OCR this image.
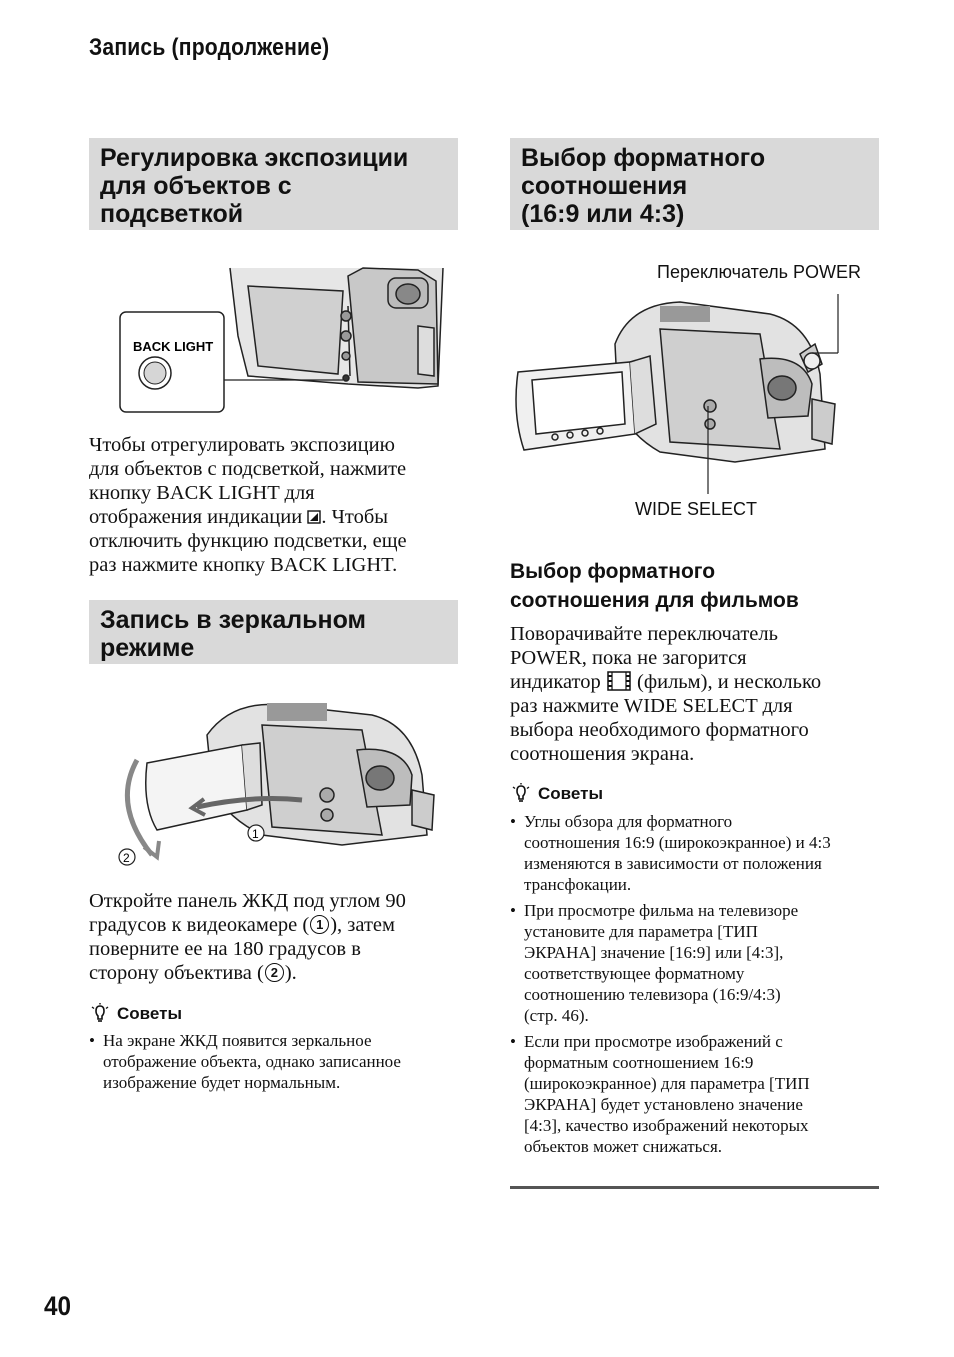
Запись (продолжение)
Регулировка экспозиции
для объектов с
подсветкой
BACK LIGHT

Чтобы отрегулировать экспозицию

для объектов с подсветкой, нажмите

кнопку BACK LIGHT для

отображения индикации . Чтобы

отключить функцию подсветки, еще

раз нажмите кнопку BACK LIGHT.

Запись в зеркальном
режиме
1
2

Откройте панель ЖКД под углом 90

градусов к видеокамере ( 1 ), затем

поверните ее на 180 градусов в

сторону объектива ( 2 ).

Советы
• На экране ЖКД появится зеркальное
отображение объекта, однако записанное
изображение будет нормальным.
Выбор форматного
соотношения
(16:9 или 4:3)
Переключатель POWER
WIDE SELECT
Выбор форматного
соотношения для фильмов

Поворачивайте переключатель

POWER, пока не загорится

индикатор (фильм), и несколько

раз нажмите WIDE SELECT для

выбора необходимого форматного

соотношения экрана.

Советы
• Углы обзора для форматного
соотношения 16:9 (широкоэкранное) и 4:3
изменяются в зависимости от положения
трансфокации.
• При просмотре фильма на телевизоре
установите для параметра [ТИП
ЭКРАНА] значение [16:9] или [4:3],
соответствующее форматному
соотношению телевизора (16:9/4:3)
(стр. 46).
• Если при просмотре изображений с
форматным соотношением 16:9
(широкоэкранное) для параметра [ТИП
ЭКРАНА] будет установлено значение
[4:3], качество изображений некоторых
объектов может снижаться.
40
